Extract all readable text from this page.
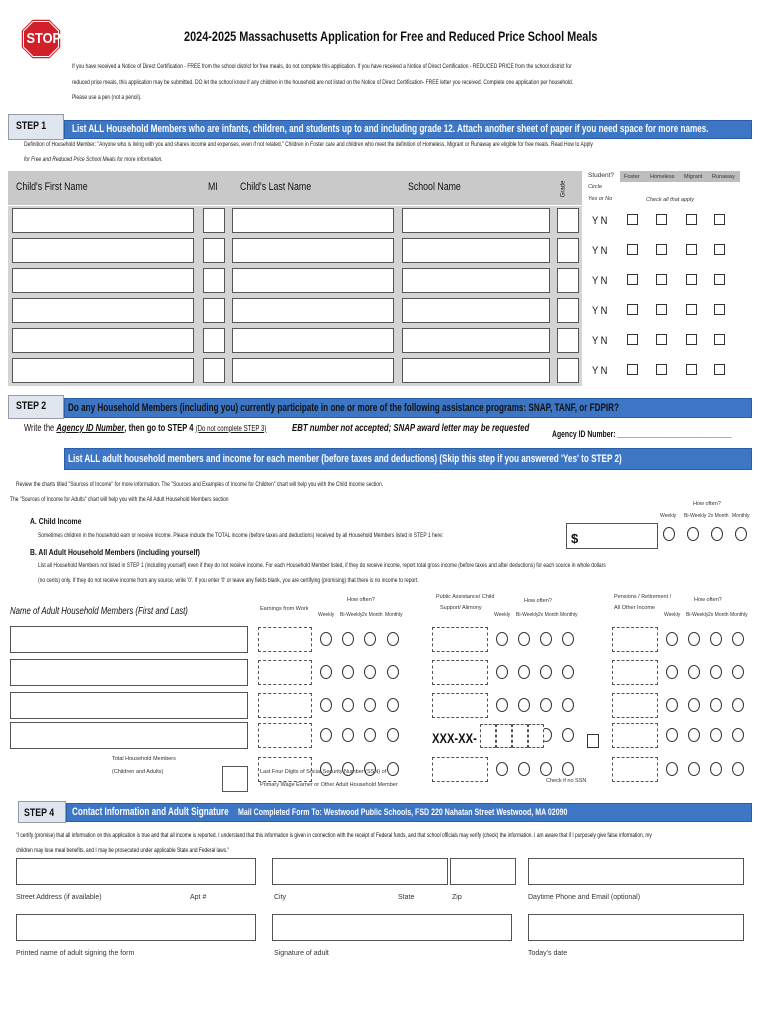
STOP	2024-2025 Massachusetts Application for Free and Reduced Price School Meals
If you have received a Notice of Direct Certification - FREE from the school district for free meals, do not complete this application. If you have received a Notice of Direct Certification - REDUCED PRICE from the school district for
reduced price meals, this application may be submitted. DO let the school know if any children in the household are not listed on the Notice of Direct Certification- FREE letter you received. Complete one application per household.
Please use a pen (not a pencil).
STEP 1 List ALL Household Members who are infants, children, and students up to and including grade 12. Attach another sheet of paper if you need space for more names.
Definition of Household Member: "Anyone who is living with you and shares income and expenses, even if not related." Children in Foster care and children who meet the definition of Homeless, Migrant or Runaway are eligible for free meals. Read How to Apply
for Free and Reduced Price School Meals for more information.
Child's First Name	MI Child's Last Name	School Name	Grade
Student?
Circle
Yes or No
Foster Homeless Migrant Runaway
Check all that apply
Y N
Y N
Y N
Y N
Y N
Y N
STEP 2 Do any Household Members (including you) currently participate in one or more of the following assistance programs: SNAP, TANF, or FDPIR?
Write the Agency ID Number, then go to STEP 4 (Do not complete STEP 3)	EBT number not accepted; SNAP award letter may be requested	Agency ID Number: ______________________________
List ALL adult household members and income for each member (before taxes and deductions) (Skip this step if you answered 'Yes' to STEP 2)
Review the charts titled "Sources of Income" for more information. The "Sources and Examples of Income for Children" chart will help you with the Child Income section.
The "Sources of Income for Adults" chart will help you with the All Adult Household Members section
How often?
Weekly Bi-Weekly 2x Month Monthly
A. Child Income
Sometimes children in the household earn or receive income. Please include the TOTAL income (before taxes and deductions) received by all Household Members listed in STEP 1 here:	$
B. All Adult Household Members (including yourself)
List all Household Members not listed in STEP 1 (including yourself) even if they do not receive income. For each Household Member listed, if they do receive income, report total gross income (before taxes and after deductions) for each source in whole dollars
(no cents) only. If they do not receive income from any source, write '0'. If you enter '0' or leave any fields blank, you are certifying (promising) that there is no income to report.
Name of Adult Household Members (First and Last)	Earnings from Work
Public Assistance/ Child
Support/ Alimony
Pensions / Retirement /
All Other Income
How often?
Weekly Bi-Weekly 2x Month Monthly
How often?
Weekly Bi-Weekly 2x Month Monthly
How often?
Weekly Bi-Weekly 2x Month Monthly
Total Household Members
(Children and Adults)	Last Four Digits of Social Security Number (SSN) of
Primary Wage Earner or Other Adult Household Member
XXX-XX-
Check if no SSN
STEP 4 Contact Information and Adult Signature Mail Completed Form To: Westwood Public Schools, FSD 220 Nahatan Street Westwood, MA 02090
"I certify (promise) that all information on this application is true and that all income is reported. I understand that this information is given in connection with the receipt of Federal funds, and that school officials may verify (check) the information. I am aware that if I purposely give false information, my
children may lose meal benefits, and I may be prosecuted under applicable State and Federal laws."
Street Address (if available)	Apt #	City	State	Zip	Daytime Phone and Email (optional)
Printed name of adult signing the form	Signature of adult	Today's date
